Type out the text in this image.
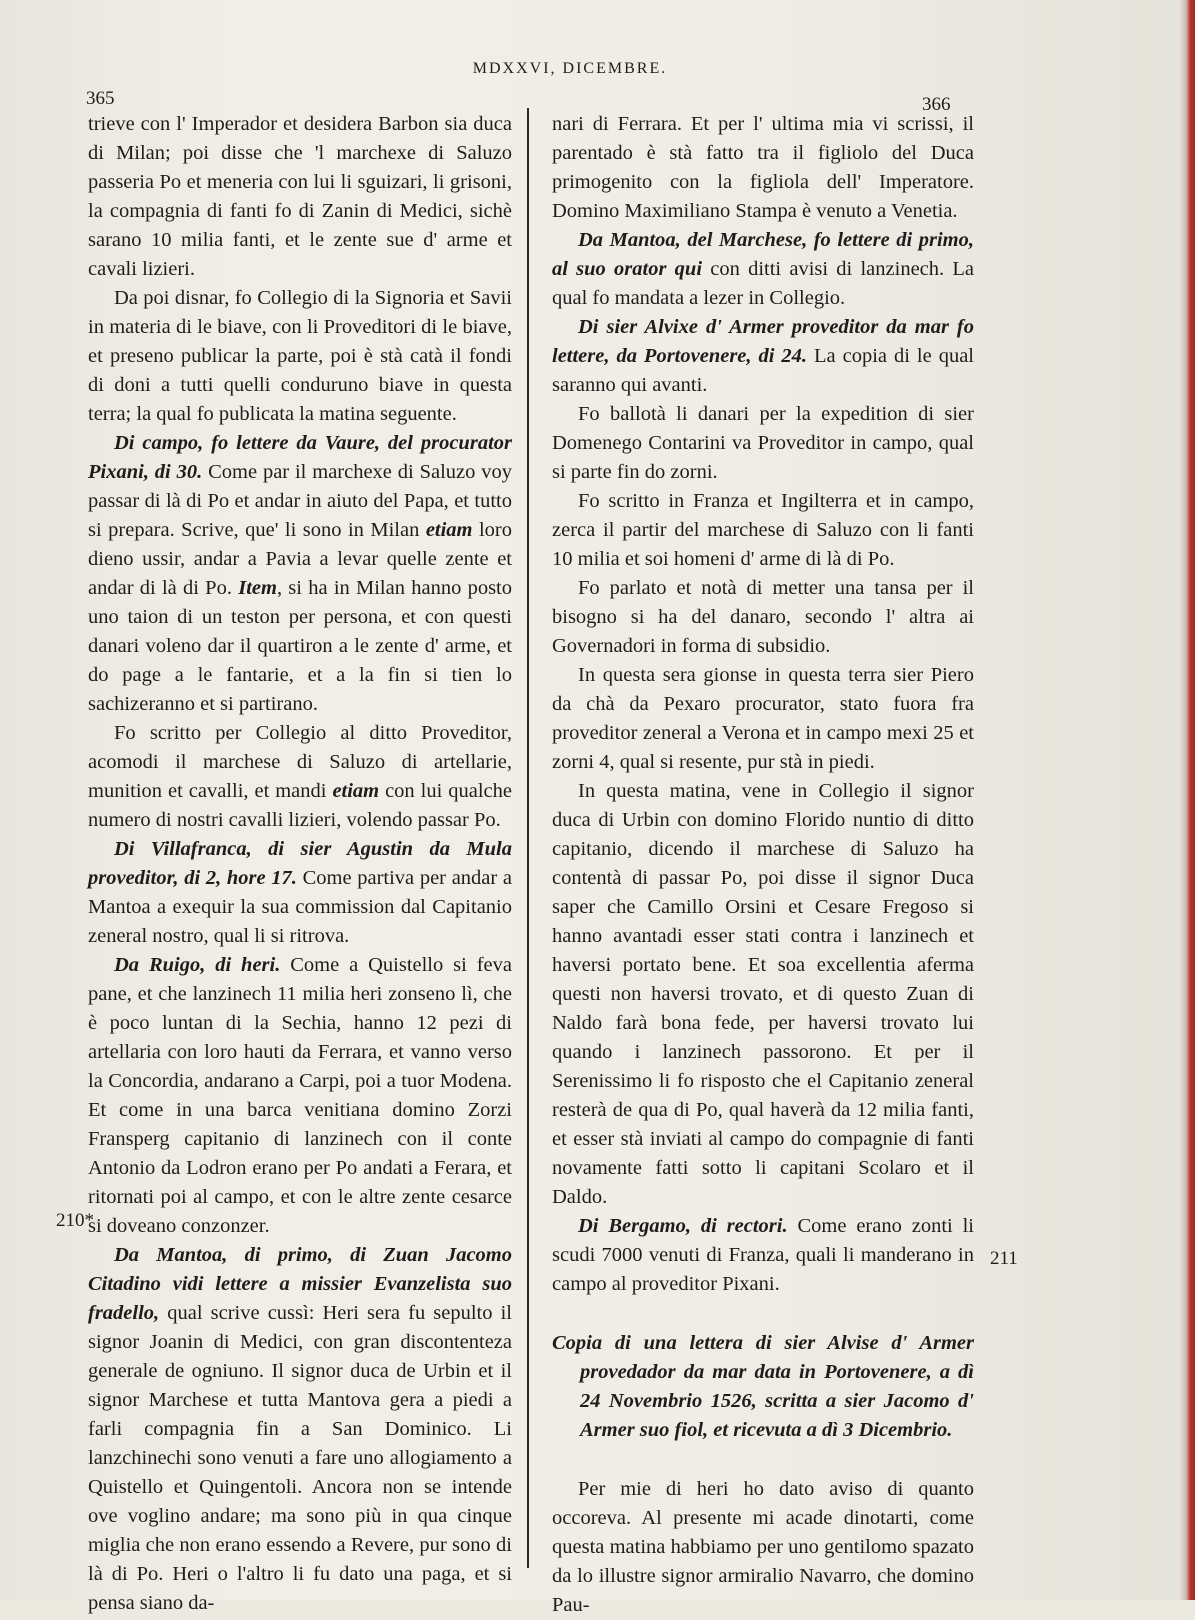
MDXXVI, DICEMBRE.
365	366
210*
211

trieve con l' Imperador et desidera Barbon sia duca di Milan; poi disse che 'l marchexe di Saluzo passeria Po et meneria con lui li sguizari, li grisoni, la compagnia di fanti fo di Zanin di Medici, sichè sarano 10 milia fanti, et le zente sue d' arme et cavali lizieri.

Da poi disnar, fo Collegio di la Signoria et Savii in materia di le biave, con li Proveditori di le biave, et preseno publicar la parte, poi è stà catà il fondi di doni a tutti quelli conduruno biave in questa terra; la qual fo publicata la matina seguente.

Di campo, fo lettere da Vaure, del procurator Pixani, di 30. Come par il marchexe di Saluzo voy passar di là di Po et andar in aiuto del Papa, et tutto si prepara. Scrive, que' li sono in Milan etiam loro dieno ussir, andar a Pavia a levar quelle zente et andar di là di Po. Item, si ha in Milan hanno posto uno taion di un teston per persona, et con questi danari voleno dar il quartiron a le zente d' arme, et do page a le fantarie, et a la fin si tien lo sachizeranno et si partirano.

Fo scritto per Collegio al ditto Proveditor, acomodi il marchese di Saluzo di artellarie, munition et cavalli, et mandi etiam con lui qualche numero di nostri cavalli lizieri, volendo passar Po.

Di Villafranca, di sier Agustin da Mula proveditor, di 2, hore 17. Come partiva per andar a Mantoa a exequir la sua commission dal Capitanio zeneral nostro, qual li si ritrova.

Da Ruigo, di heri. Come a Quistello si feva pane, et che lanzinech 11 milia heri zonseno lì, che è poco luntan di la Sechia, hanno 12 pezi di artellaria con loro hauti da Ferrara, et vanno verso la Concordia, andarano a Carpi, poi a tuor Modena. Et come in una barca venitiana domino Zorzi Fransperg capitanio di lanzinech con il conte Antonio da Lodron erano per Po andati a Ferara, et ritornati poi al campo, et con le altre zente cesarce si doveano conzonzer.

Da Mantoa, di primo, di Zuan Jacomo Citadino vidi lettere a missier Evanzelista suo fradello, qual scrive cussì: Heri sera fu sepulto il signor Joanin di Medici, con gran discontenteza generale de ogniuno. Il signor duca de Urbin et il signor Marchese et tutta Mantova gera a piedi a farli compagnia fin a San Dominico. Li lanzchinechi sono venuti a fare uno allogiamento a Quistello et Quingentoli. Ancora non se intende ove voglino andare; ma sono più in qua cinque miglia che non erano essendo a Revere, pur sono di là di Po. Heri o l'altro li fu dato una paga, et si pensa siano da-

nari di Ferrara. Et per l' ultima mia vi scrissi, il parentado è stà fatto tra il figliolo del Duca primogenito con la figliola dell' Imperatore. Domino Maximiliano Stampa è venuto a Venetia.

Da Mantoa, del Marchese, fo lettere di primo, al suo orator qui con ditti avisi di lanzinech. La qual fo mandata a lezer in Collegio.

Di sier Alvixe d' Armer proveditor da mar fo lettere, da Portovenere, di 24. La copia di le qual saranno qui avanti.

Fo ballotà li danari per la expedition di sier Domenego Contarini va Proveditor in campo, qual si parte fin do zorni.

Fo scritto in Franza et Ingilterra et in campo, zerca il partir del marchese di Saluzo con li fanti 10 milia et soi homeni d' arme di là di Po.

Fo parlato et notà di metter una tansa per il bisogno si ha del danaro, secondo l' altra ai Governadori in forma di subsidio.

In questa sera gionse in questa terra sier Piero da chà da Pexaro procurator, stato fuora fra proveditor zeneral a Verona et in campo mexi 25 et zorni 4, qual si resente, pur stà in piedi.

In questa matina, vene in Collegio il signor duca di Urbin con domino Florido nuntio di ditto capitanio, dicendo il marchese di Saluzo ha contentà di passar Po, poi disse il signor Duca saper che Camillo Orsini et Cesare Fregoso si hanno avantadi esser stati contra i lanzinech et haversi portato bene. Et soa excellentia aferma questi non haversi trovato, et di questo Zuan di Naldo farà bona fede, per haversi trovato lui quando i lanzinech passorono. Et per il Serenissimo li fo risposto che el Capitanio zeneral resterà de qua di Po, qual haverà da 12 milia fanti, et esser stà inviati al campo do compagnie di fanti novamente fatti sotto li capitani Scolaro et il Daldo.

Di Bergamo, di rectori. Come erano zonti li scudi 7000 venuti di Franza, quali li manderano in campo al proveditor Pixani.

Copia di una lettera di sier Alvise d' Armer provedador da mar data in Portovenere, a dì 24 Novembrio 1526, scritta a sier Jacomo d' Armer suo fiol, et ricevuta a dì 3 Dicembrio.

Per mie di heri ho dato aviso di quanto occoreva. Al presente mi acade dinotarti, come questa matina habbiamo per uno gentilomo spazato da lo illustre signor armiralio Navarro, che domino Pau-
